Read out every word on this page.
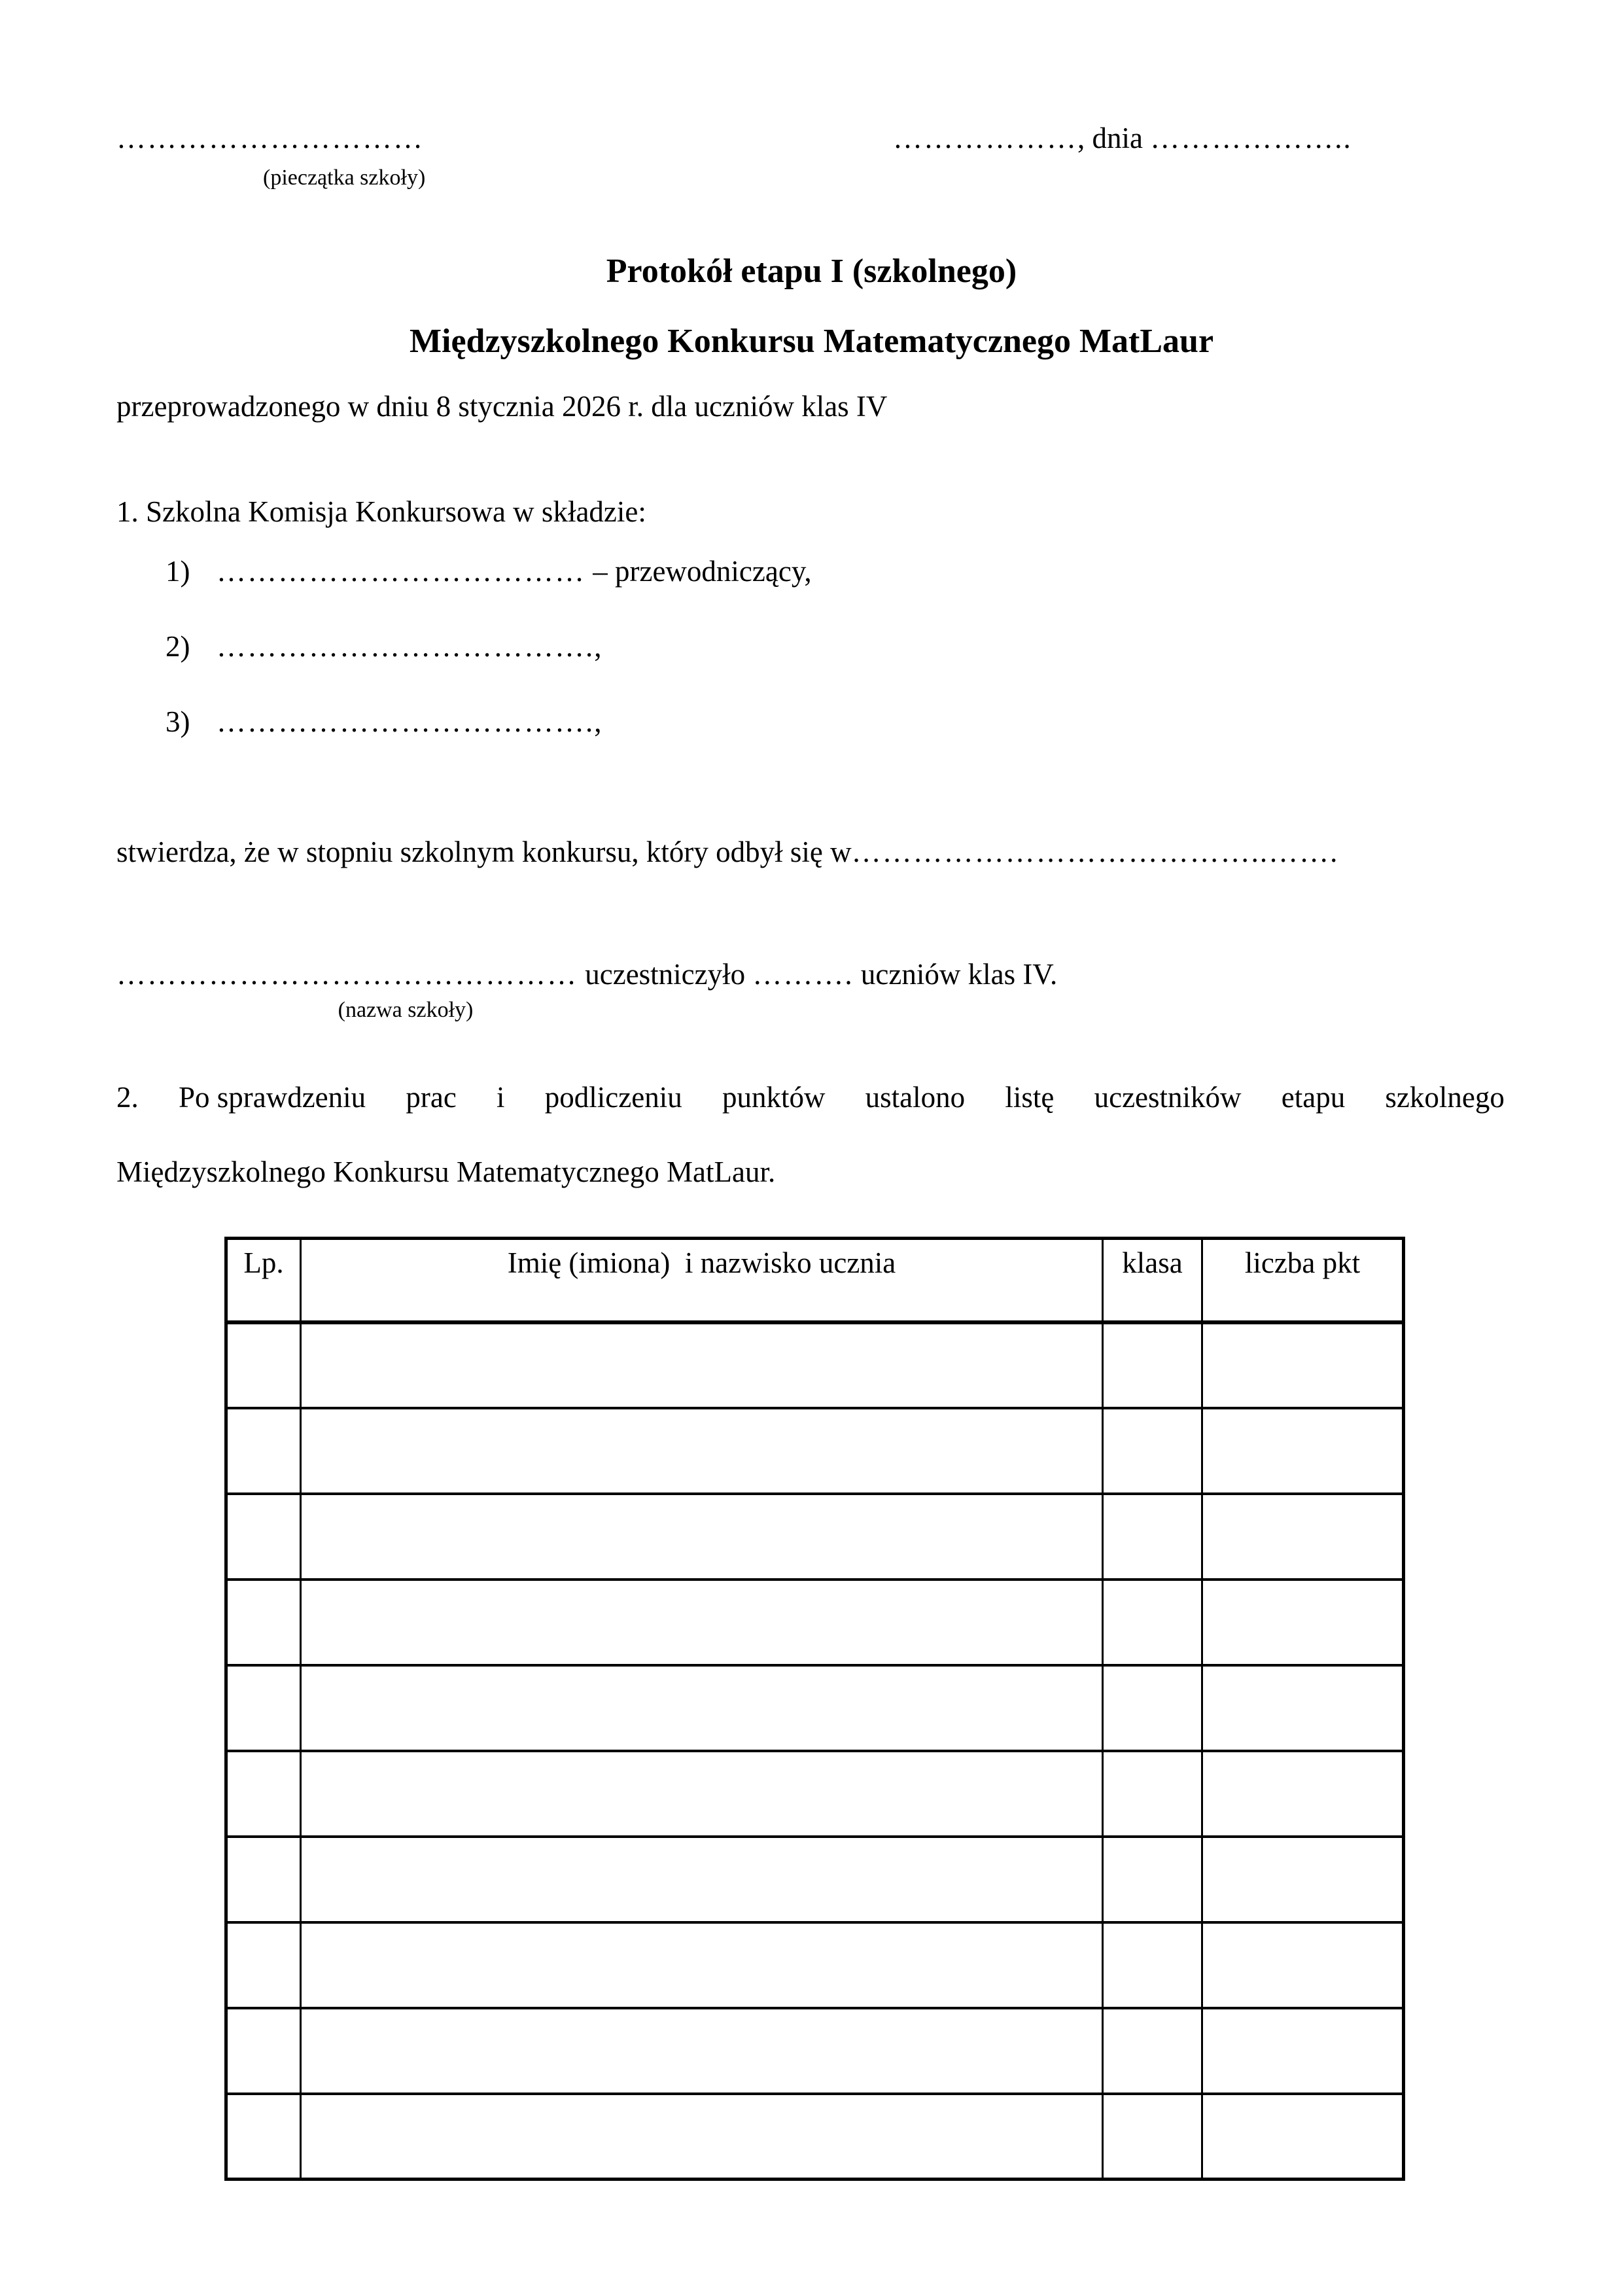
…………………………	………………, dnia ………………..
(pieczątka szkoły)
Protokół etapu I (szkolnego)
Międzyszkolnego Konkursu Matematycznego MatLaur
przeprowadzonego w dniu 8 stycznia 2026 r. dla uczniów klas IV
1. Szkolna Komisja Konkursowa w składzie:
1) ……………………………… – przewodniczący,
2) ……………………………….,
3) ……………………………….,
stwierdza, że w stopniu szkolnym konkursu, który odbył się w…………………………………..…….
……………………………………… uczestniczyło ………. uczniów klas IV.
(nazwa szkoły)
2. Po sprawdzeniu prac i podliczeniu punktów ustalono listę uczestników etapu szkolnego
Międzyszkolnego Konkursu Matematycznego MatLaur.
Lp.	Imię (imiona)  i nazwisko ucznia	klasa	liczba pkt
